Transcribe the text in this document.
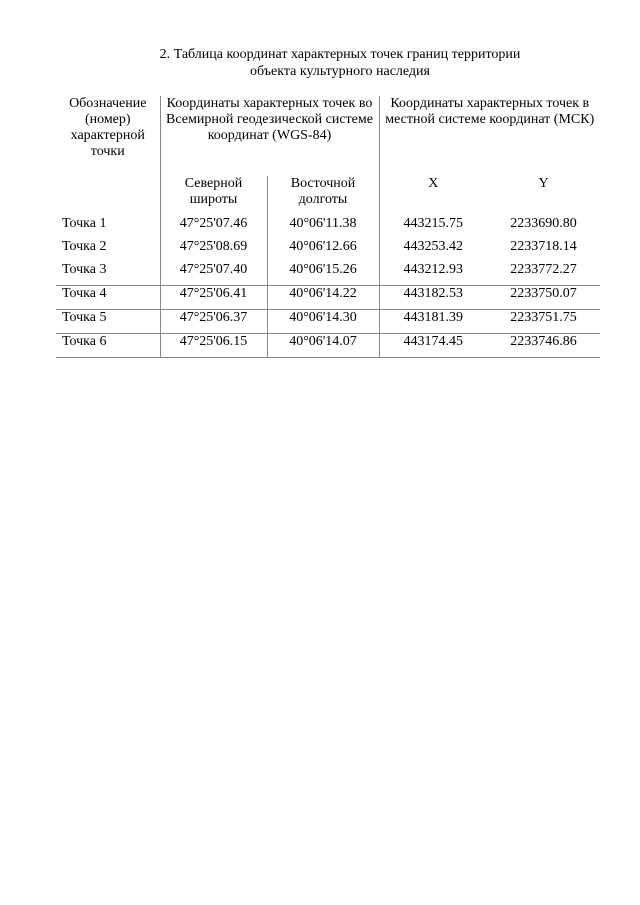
2. Таблица координат характерных точек границ территории
объекта культурного наследия
Обозначение (номер) характерной точки	Координаты характерных точек во Всемирной геодезической системе координат (WGS-84)		Координаты характерных точек в местной системе координат (МСК)	
	Северной широты	Восточной долготы	X	Y
Точка 1	47°25'07.46	40°06'11.38	443215.75	2233690.80
Точка 2	47°25'08.69	40°06'12.66	443253.42	2233718.14
Точка 3	47°25'07.40	40°06'15.26	443212.93	2233772.27
Точка 4	47°25'06.41	40°06'14.22	443182.53	2233750.07
Точка 5	47°25'06.37	40°06'14.30	443181.39	2233751.75
Точка 6	47°25'06.15	40°06'14.07	443174.45	2233746.86
